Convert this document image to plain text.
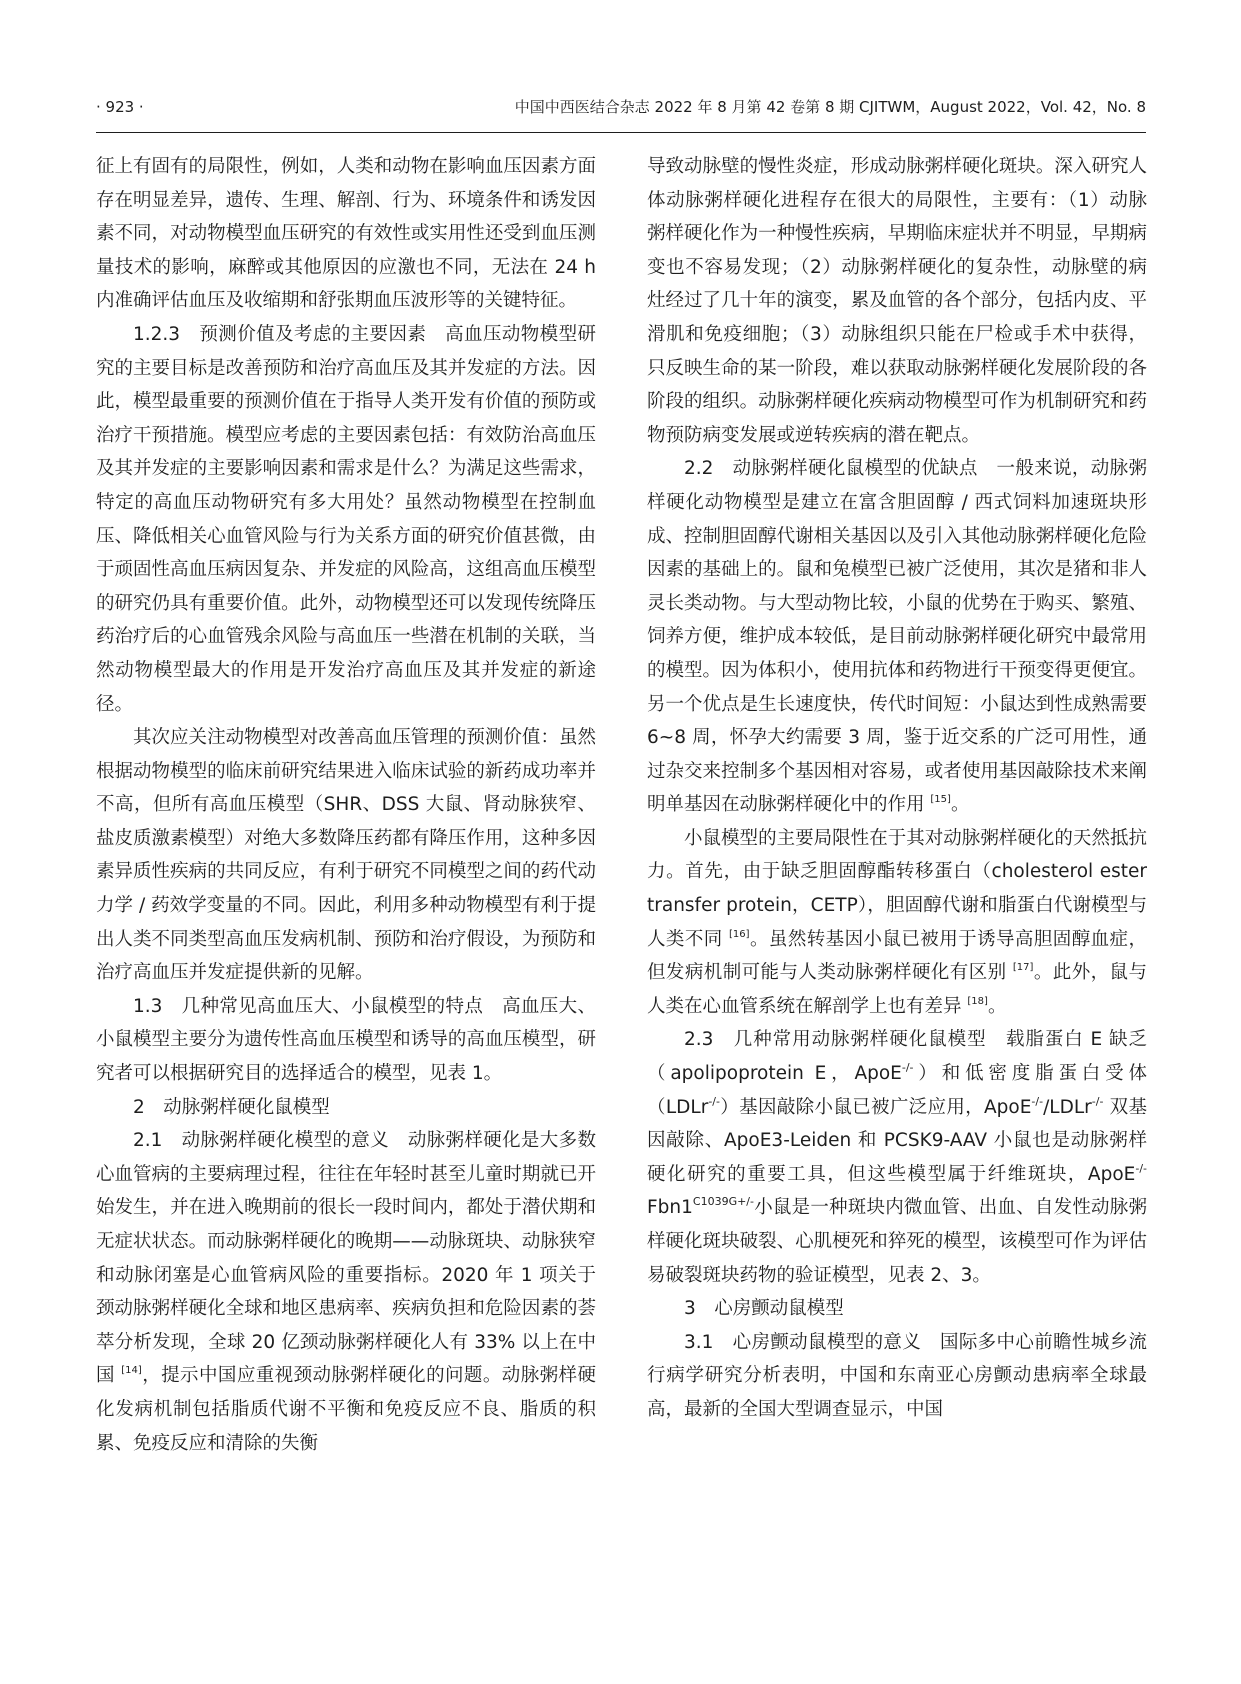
· 923 ·	中国中西医结合杂志 2022 年 8 月第 42 卷第 8 期 CJITWM，August 2022，Vol. 42，No. 8

征上有固有的局限性，例如，人类和动物在影响血压因素方面存在明显差异，遗传、生理、解剖、行为、环境条件和诱发因素不同，对动物模型血压研究的有效性或实用性还受到血压测量技术的影响，麻醉或其他原因的应激也不同，无法在 24 h 内准确评估血压及收缩期和舒张期血压波形等的关键特征。

1.2.3　预测价值及考虑的主要因素　高血压动物模型研究的主要目标是改善预防和治疗高血压及其并发症的方法。因此，模型最重要的预测价值在于指导人类开发有价值的预防或治疗干预措施。模型应考虑的主要因素包括：有效防治高血压及其并发症的主要影响因素和需求是什么？为满足这些需求，特定的高血压动物研究有多大用处？虽然动物模型在控制血压、降低相关心血管风险与行为关系方面的研究价值甚微，由于顽固性高血压病因复杂、并发症的风险高，这组高血压模型的研究仍具有重要价值。此外，动物模型还可以发现传统降压药治疗后的心血管残余风险与高血压一些潜在机制的关联，当然动物模型最大的作用是开发治疗高血压及其并发症的新途径。

其次应关注动物模型对改善高血压管理的预测价值：虽然根据动物模型的临床前研究结果进入临床试验的新药成功率并不高，但所有高血压模型（SHR、DSS 大鼠、肾动脉狭窄、盐皮质激素模型）对绝大多数降压药都有降压作用，这种多因素异质性疾病的共同反应，有利于研究不同模型之间的药代动力学 / 药效学变量的不同。因此，利用多种动物模型有利于提出人类不同类型高血压发病机制、预防和治疗假设，为预防和治疗高血压并发症提供新的见解。

1.3　几种常见高血压大、小鼠模型的特点　高血压大、小鼠模型主要分为遗传性高血压模型和诱导的高血压模型，研究者可以根据研究目的选择适合的模型，见表 1。

2　动脉粥样硬化鼠模型

2.1　动脉粥样硬化模型的意义　动脉粥样硬化是大多数心血管病的主要病理过程，往往在年轻时甚至儿童时期就已开始发生，并在进入晚期前的很长一段时间内，都处于潜伏期和无症状状态。而动脉粥样硬化的晚期——动脉斑块、动脉狭窄和动脉闭塞是心血管病风险的重要指标。2020 年 1 项关于颈动脉粥样硬化全球和地区患病率、疾病负担和危险因素的荟萃分析发现，全球 20 亿颈动脉粥样硬化人有 33% 以上在中国 [14]，提示中国应重视颈动脉粥样硬化的问题。动脉粥样硬化发病机制包括脂质代谢不平衡和免疫反应不良、脂质的积累、免疫反应和清除的失衡

导致动脉壁的慢性炎症，形成动脉粥样硬化斑块。深入研究人体动脉粥样硬化进程存在很大的局限性，主要有：（1）动脉粥样硬化作为一种慢性疾病，早期临床症状并不明显，早期病变也不容易发现；（2）动脉粥样硬化的复杂性，动脉壁的病灶经过了几十年的演变，累及血管的各个部分，包括内皮、平滑肌和免疫细胞；（3）动脉组织只能在尸检或手术中获得，只反映生命的某一阶段，难以获取动脉粥样硬化发展阶段的各阶段的组织。动脉粥样硬化疾病动物模型可作为机制研究和药物预防病变发展或逆转疾病的潜在靶点。

2.2　动脉粥样硬化鼠模型的优缺点　一般来说，动脉粥样硬化动物模型是建立在富含胆固醇 / 西式饲料加速斑块形成、控制胆固醇代谢相关基因以及引入其他动脉粥样硬化危险因素的基础上的。鼠和兔模型已被广泛使用，其次是猪和非人灵长类动物。与大型动物比较，小鼠的优势在于购买、繁殖、饲养方便，维护成本较低，是目前动脉粥样硬化研究中最常用的模型。因为体积小，使用抗体和药物进行干预变得更便宜。另一个优点是生长速度快，传代时间短：小鼠达到性成熟需要 6~8 周，怀孕大约需要 3 周，鉴于近交系的广泛可用性，通过杂交来控制多个基因相对容易，或者使用基因敲除技术来阐明单基因在动脉粥样硬化中的作用 [15]。

小鼠模型的主要局限性在于其对动脉粥样硬化的天然抵抗力。首先，由于缺乏胆固醇酯转移蛋白（cholesterol ester transfer protein，CETP），胆固醇代谢和脂蛋白代谢模型与人类不同 [16]。虽然转基因小鼠已被用于诱导高胆固醇血症，但发病机制可能与人类动脉粥样硬化有区别 [17]。此外，鼠与人类在心血管系统在解剖学上也有差异 [18]。

2.3　几种常用动脉粥样硬化鼠模型　载脂蛋白 E 缺乏（apolipoprotein E，ApoE-/-）和低密度脂蛋白受体（LDLr-/-）基因敲除小鼠已被广泛应用，ApoE-/-/LDLr-/- 双基因敲除、ApoE3-Leiden 和 PCSK9-AAV 小鼠也是动脉粥样硬化研究的重要工具，但这些模型属于纤维斑块，$ApoE^{-/-}Fbn1^{C1039G+/-}$小鼠是一种斑块内微血管、出血、自发性动脉粥样硬化斑块破裂、心肌梗死和猝死的模型，该模型可作为评估易破裂斑块药物的验证模型，见表 2、3。

3　心房颤动鼠模型

3.1　心房颤动鼠模型的意义　国际多中心前瞻性城乡流行病学研究分析表明，中国和东南亚心房颤动患病率全球最高，最新的全国大型调查显示，中国
